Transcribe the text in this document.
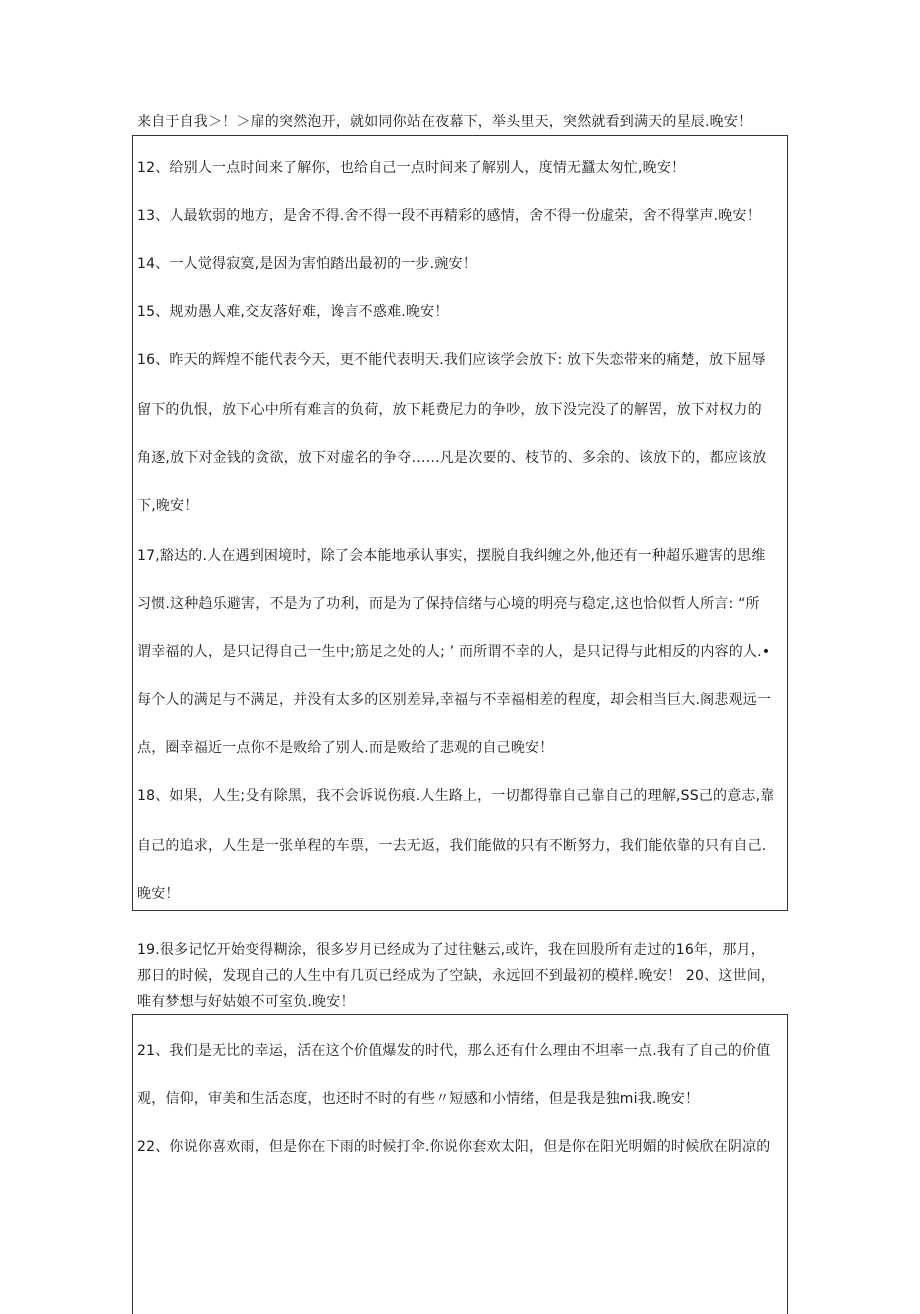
来自于自我＞！＞扉的突然泡开，就如同你站在夜幕下，举头里天，突然就看到满天的星辰.晚安！
12、给别人一点时间来了解你，也给自己一点时间来了解别人，度情无蠶太匆忙,晚安！
13、人最软弱的地方，是舍不得.舍不得一段不再精彩的感情，舍不得一份虚荣，舍不得掌声.晚安！
14、一人觉得寂寞,是因为害怕踏出最初的一步.豌安！
15、规劝愚人难,交友落好难，谗言不惑难.晚安！
16、昨天的辉煌不能代表今天，更不能代表明天.我们应该学会放下: 放下失恋带来的痛楚，放下屈辱
留下的仇恨，放下心中所有难言的负荷，放下耗费尼力的争吵，放下没完没了的解罟，放下对权力的
角逐,放下对金钱的贪欲，放下对虚名的争夺……凡是次要的、枝节的、多余的、该放下的，都应该放
下,晚安！
17,豁达的.人在遇到困境时，除了会本能地承认事实，摆脱自我纠缠之外,他还有一种超乐避害的思维
习惯.这种趋乐避害，不是为了功利，而是为了保持信绪与心境的明亮与稳定,这也恰似哲人所言: “所
谓幸福的人，是只记得自己一生中;筋足之处的人; ’ 而所谓不幸的人，是只记得与此相反的内容的人.•
每个人的满足与不满足，并没有太多的区别差异,幸福与不幸福相差的程度，却会相当巨大.阁悲观远一
点，圈幸福近一点你不是败给了别人.而是败给了悲观的自己晚安！
18、如果，人生;殳有除黑，我不会诉说伤痕.人生路上，一切都得靠自己靠自己的理解,SS己的意志,靠
自己的追求，人生是一张单程的车票，一去无返，我们能做的只有不断努力，我们能依靠的只有自己.
晚安！
19.很多记忆开始变得糊涂，很多岁月已经成为了过往魅云,或许，我在回股所有走过的16年，那月，
那日的时候，发现自己的人生中有几页已经成为了空缺，永远回不到最初的模样.晚安！ 20、这世间，
唯有梦想与好姑娘不可室负.晚安！
21、我们是无比的幸运，活在这个价值爆发的时代，那么还有什么理由不坦率一点.我有了自己的价值
观，信仰，审美和生活态度，也还时不时的有些〃短感和小情绪，但是我是独mi我.晚安！
22、你说你喜欢雨，但是你在下雨的时候打伞.你说你套欢太阳，但是你在阳光明媚的时候欣在阴凉的
